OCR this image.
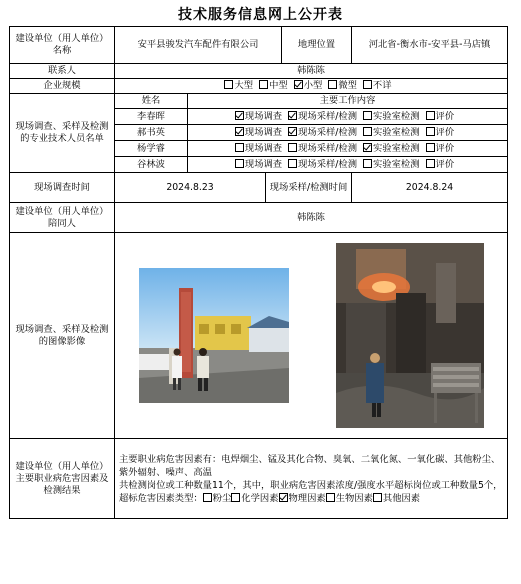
技术服务信息网上公开表
建设单位（用人单位）名称	安平县骏发汽车配件有限公司			地理位置	河北省-衡水市-安平县-马店镇
联系人	韩陈陈				
企业规模	大型 中型 小型 微型 不详				
现场调查、采样及检测的专业技术人员名单	姓名	主要工作内容			
	李春晖	现场调查 现场采样/检测 实验室检测 评价			
	郝书英	现场调查 现场采样/检测 实验室检测 评价			
	杨学睿	现场调查 现场采样/检测 实验室检测 评价			
	谷林波	现场调查 现场采样/检测 实验室检测 评价			
现场调查时间	2024.8.23		现场采样/检测时间		2024.8.24
建设单位（用人单位）陪同人	韩陈陈				
现场调查、采样及检测的图像影像	

建设单位（用人单位）主要职业病危害因素及检测结果	主要职业病危害因素有：电焊烟尘、锰及其化合物、臭氧、二氧化氮、一氧化碳、其他粉尘、紫外辐射、噪声、高温
共检测岗位或工种数量11个，其中，职业病危害因素浓度/强度水平超标岗位或工种数量5个，超标危害因素类型： 粉尘 化学因素 物理因素 生物因素 其他因素				
